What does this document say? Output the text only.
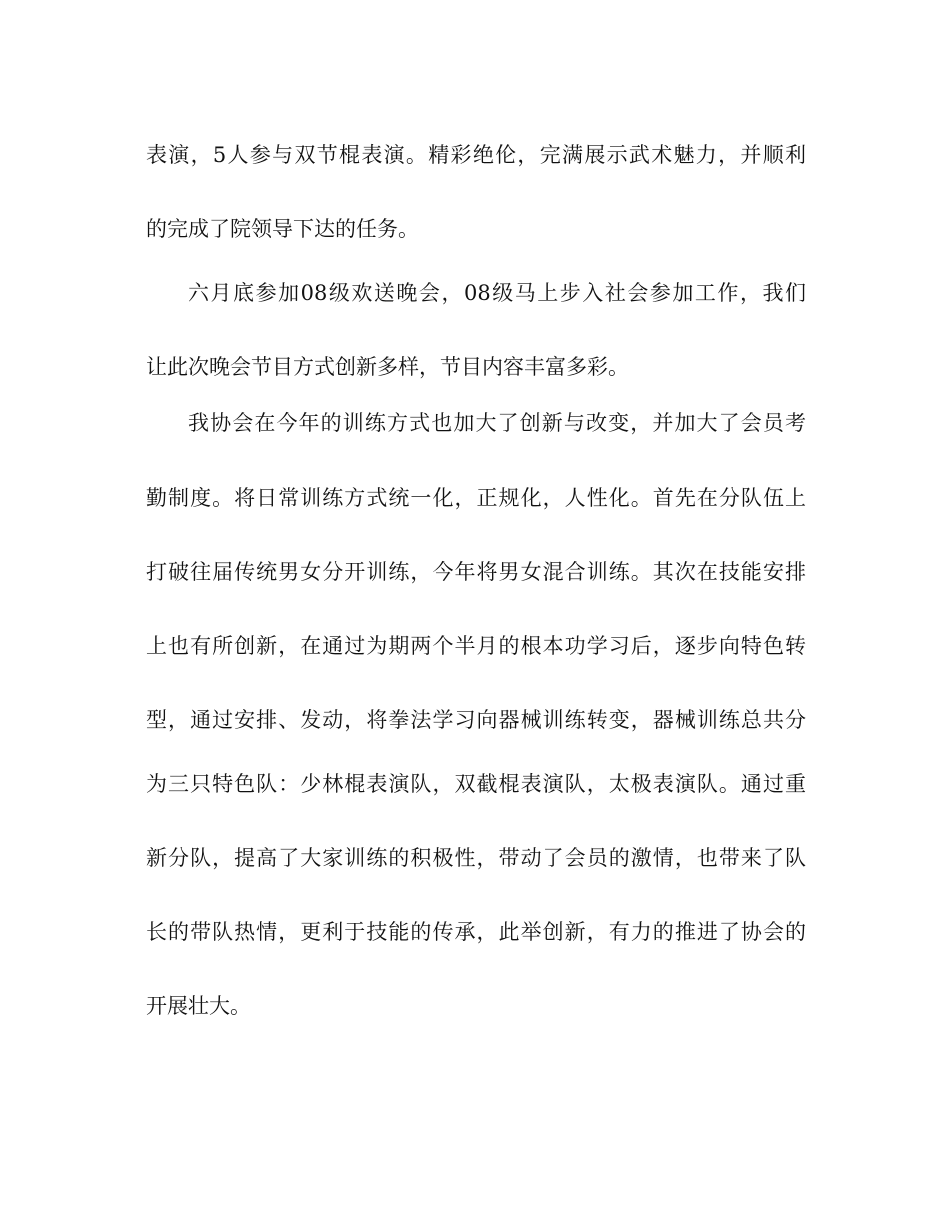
表演，5人参与双节棍表演。精彩绝伦，完满展示武术魅力，并顺利
的完成了院领导下达的任务。
六月底参加08级欢送晚会，08级马上步入社会参加工作，我们
让此次晚会节目方式创新多样，节目内容丰富多彩。
我协会在今年的训练方式也加大了创新与改变，并加大了会员考
勤制度。将日常训练方式统一化，正规化，人性化。首先在分队伍上
打破往届传统男女分开训练，今年将男女混合训练。其次在技能安排
上也有所创新，在通过为期两个半月的根本功学习后，逐步向特色转
型，通过安排、发动，将拳法学习向器械训练转变，器械训练总共分
为三只特色队：少林棍表演队，双截棍表演队，太极表演队。通过重
新分队，提高了大家训练的积极性，带动了会员的激情，也带来了队
长的带队热情，更利于技能的传承，此举创新，有力的推进了协会的
开展壮大。
